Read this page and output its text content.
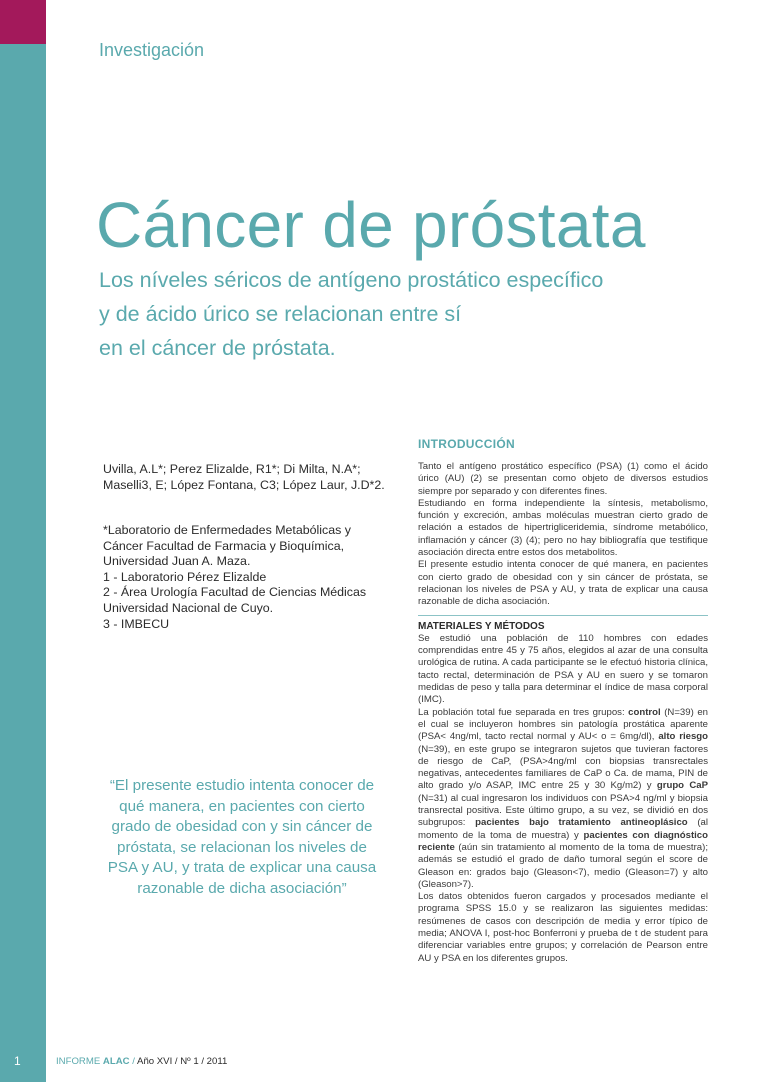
1
Investigación
Cáncer de próstata
Los níveles séricos de antígeno prostático específico
y de ácido úrico se relacionan entre sí
en el cáncer de próstata.
Uvilla, A.L*; Perez Elizalde, R1*; Di Milta, N.A*; Maselli3, E; López Fontana, C3; López Laur, J.D*2.
*Laboratorio de Enfermedades Metabólicas y
Cáncer Facultad de Farmacia y Bioquímica,
Universidad Juan A. Maza.
1 - Laboratorio Pérez Elizalde
2 - Área Urología Facultad de Ciencias Médicas
Universidad Nacional de Cuyo.
3 - IMBECU
“El presente estudio intenta conocer de qué manera, en pacientes con cierto grado de obesidad con y sin cáncer de próstata, se relacionan los niveles de PSA y AU, y trata de explicar una causa razonable de dicha asociación”
INTRODUCCIÓN

Tanto el antígeno prostático específico (PSA) (1) como el ácido úrico (AU) (2) se presentan como objeto de diversos estudios siempre por separado y con diferentes fines.

Estudiando en forma independiente la síntesis, metabolismo, función y excreción, ambas moléculas muestran cierto grado de relación a estados de hipertrigliceridemia, síndrome metabólico, inflamación y cáncer (3) (4); pero no hay bibliografía que testifique asociación directa entre estos dos metabolitos.

El presente estudio intenta conocer de qué manera, en pacientes con cierto grado de obesidad con y sin cáncer de próstata, se relacionan los niveles de PSA y AU, y trata de explicar una causa razonable de dicha asociación.

MATERIALES Y MÉTODOS

Se estudió una población de 110 hombres con edades comprendidas entre 45 y 75 años, elegidos al azar de una consulta urológica de rutina. A cada participante se le efectuó historia clínica, tacto rectal, determinación de PSA y AU en suero y se tomaron medidas de peso y talla para determinar el índice de masa corporal (IMC).

La población total fue separada en tres grupos: control (N=39) en el cual se incluyeron hombres sin patología prostática aparente (PSA< 4ng/ml, tacto rectal normal y AU< o = 6mg/dl), alto riesgo (N=39), en este grupo se integraron sujetos que tuvieran factores de riesgo de CaP, (PSA>4ng/ml con biopsias transrectales negativas, antecedentes familiares de CaP o Ca. de mama, PIN de alto grado y/o ASAP, IMC entre 25 y 30 Kg/m2) y grupo CaP (N=31) al cual ingresaron los individuos con PSA>4 ng/ml y biopsia transrectal positiva. Este último grupo, a su vez, se dividió en dos subgrupos: pacientes bajo tratamiento antineoplásico (al momento de la toma de muestra) y pacientes con diagnóstico reciente (aún sin tratamiento al momento de la toma de muestra); además se estudió el grado de daño tumoral según el score de Gleason en: grados bajo (Gleason<7), medio (Gleason=7) y alto (Gleason>7).

Los datos obtenidos fueron cargados y procesados mediante el programa SPSS 15.0 y se realizaron las siguientes medidas: resúmenes de casos con descripción de media y error típico de media; ANOVA I, post-hoc Bonferroni y prueba de t de student para diferenciar variables entre grupos; y correlación de Pearson entre AU y PSA en los diferentes grupos.

INFORME ALAC / Año XVI / Nº 1 / 2011
